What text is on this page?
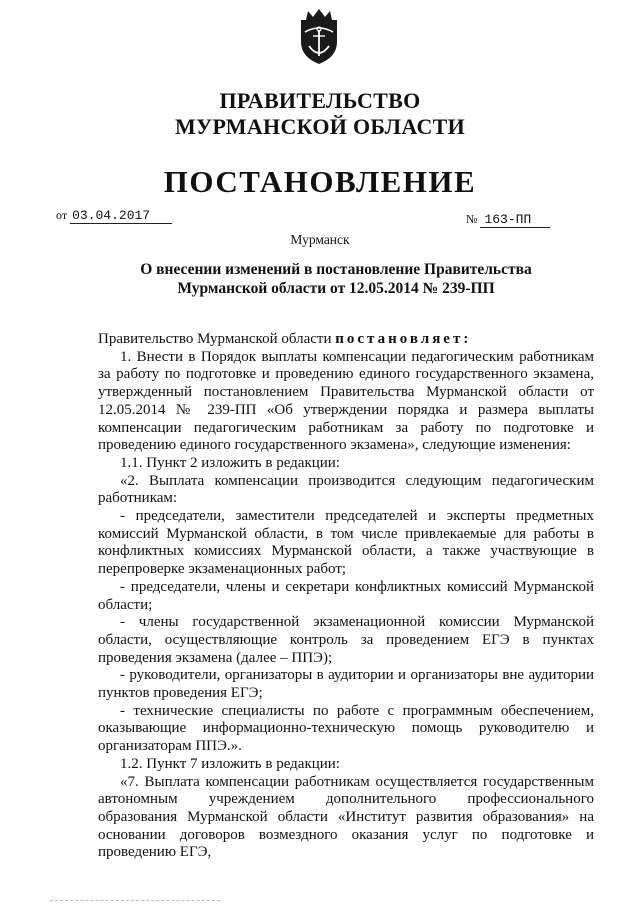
ПРАВИТЕЛЬСТВО
МУРМАНСКОЙ ОБЛАСТИ
ПОСТАНОВЛЕНИЕ
от 03.04.2017	№ 163-ПП
Мурманск
О внесении изменений в постановление Правительства Мурманской области от 12.05.2014 № 239-ПП

Правительство Мурманской области постановляет:

1. Внести в Порядок выплаты компенсации педагогическим работникам за работу по подготовке и проведению единого государственного экзамена, утвержденный постановлением Правительства Мурманской области от 12.05.2014 № 239-ПП «Об утверждении порядка и размера выплаты компенсации педагогическим работникам за работу по подготовке и проведению единого государственного экзамена», следующие изменения:

1.1. Пункт 2 изложить в редакции:

«2. Выплата компенсации производится следующим педагогическим работникам:

- председатели, заместители председателей и эксперты предметных комиссий Мурманской области, в том числе привлекаемые для работы в конфликтных комиссиях Мурманской области, а также участвующие в перепроверке экзаменационных работ;

- председатели, члены и секретари конфликтных комиссий Мурманской области;

- члены государственной экзаменационной комиссии Мурманской области, осуществляющие контроль за проведением ЕГЭ в пунктах проведения экзамена (далее – ППЭ);

- руководители, организаторы в аудитории и организаторы вне аудитории пунктов проведения ЕГЭ;

- технические специалисты по работе с программным обеспечением, оказывающие информационно-техническую помощь руководителю и организаторам ППЭ.».

1.2. Пункт 7 изложить в редакции:

«7. Выплата компенсации работникам осуществляется государственным автономным учреждением дополнительного профессионального образования Мурманской области «Институт развития образования» на основании договоров возмездного оказания услуг по подготовке и проведению ЕГЭ,
